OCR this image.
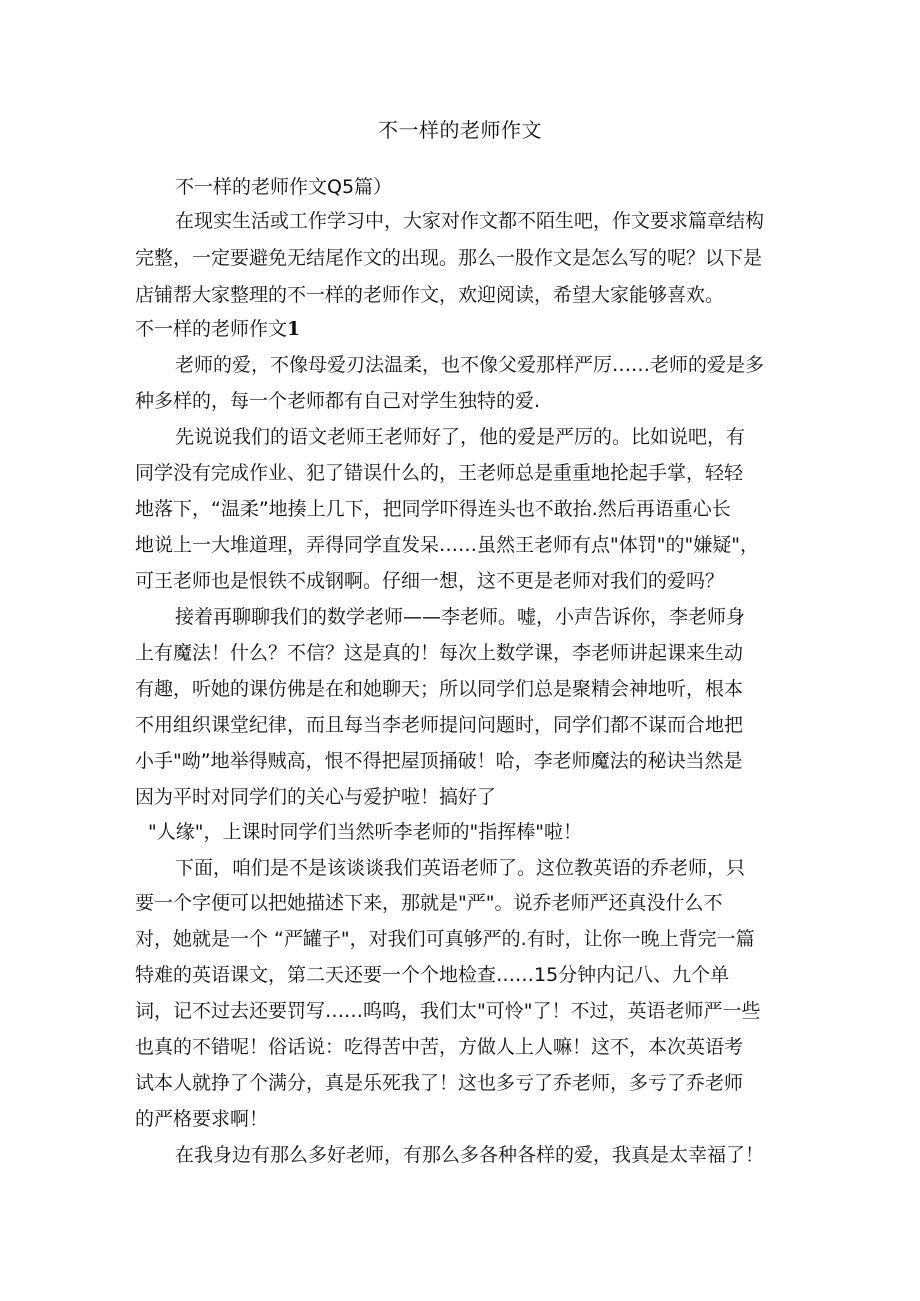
不一样的老师作文
不一样的老师作文Q5篇）
在现实生活或工作学习中，大家对作文都不陌生吧，作文要求篇章结构
完整，一定要避免无结尾作文的出现。那么一股作文是怎么写的呢？以下是
店铺帮大家整理的不一样的老师作文，欢迎阅读，希望大家能够喜欢。
不一样的老师作文1
老师的爱，不像母爱刃法温柔，也不像父爱那样严厉……老师的爱是多
种多样的，每一个老师都有自己对学生独特的爱.
先说说我们的语文老师王老师好了，他的爱是严厉的。比如说吧，有
同学没有完成作业、犯了错误什么的，王老师总是重重地抡起手掌，轻轻
地落下，“温柔”地揍上几下，把同学吓得连头也不敢抬.然后再语重心长
地说上一大堆道理，弄得同学直发呆……虽然王老师有点"体罚"的"嫌疑"，
可王老师也是恨铁不成钢啊。仔细一想，这不更是老师对我们的爱吗？
接着再聊聊我们的数学老师——李老师。嘘，小声告诉你，李老师身
上有魔法！什么？不信？这是真的！每次上数学课，李老师讲起课来生动
有趣，听她的课仿佛是在和她聊天；所以同学们总是聚精会神地听，根本
不用组织课堂纪律，而且每当李老师提问问题时，同学们都不谋而合地把
小手"呦”地举得贼高，恨不得把屋顶捅破！哈，李老师魔法的秘诀当然是
因为平时对同学们的关心与爱护啦！搞好了
"人缘"，上课时同学们当然听李老师的"指挥棒"啦！
下面，咱们是不是该谈谈我们英语老师了。这位教英语的乔老师，只
要一个字便可以把她描述下来，那就是"严"。说乔老师严还真没什么不
对，她就是一个 “严罐子"，对我们可真够严的.有时，让你一晚上背完一篇
特难的英语课文，第二天还要一个个地检查……15分钟内记八、九个单
词，记不过去还要罚写……呜呜，我们太"可怜"了！不过，英语老师严一些
也真的不错呢！俗话说：吃得苦中苦，方做人上人嘛！这不，本次英语考
试本人就挣了个满分，真是乐死我了！这也多亏了乔老师，多亏了乔老师
的严格要求啊！
在我身边有那么多好老师，有那么多各种各样的爱，我真是太幸福了！
